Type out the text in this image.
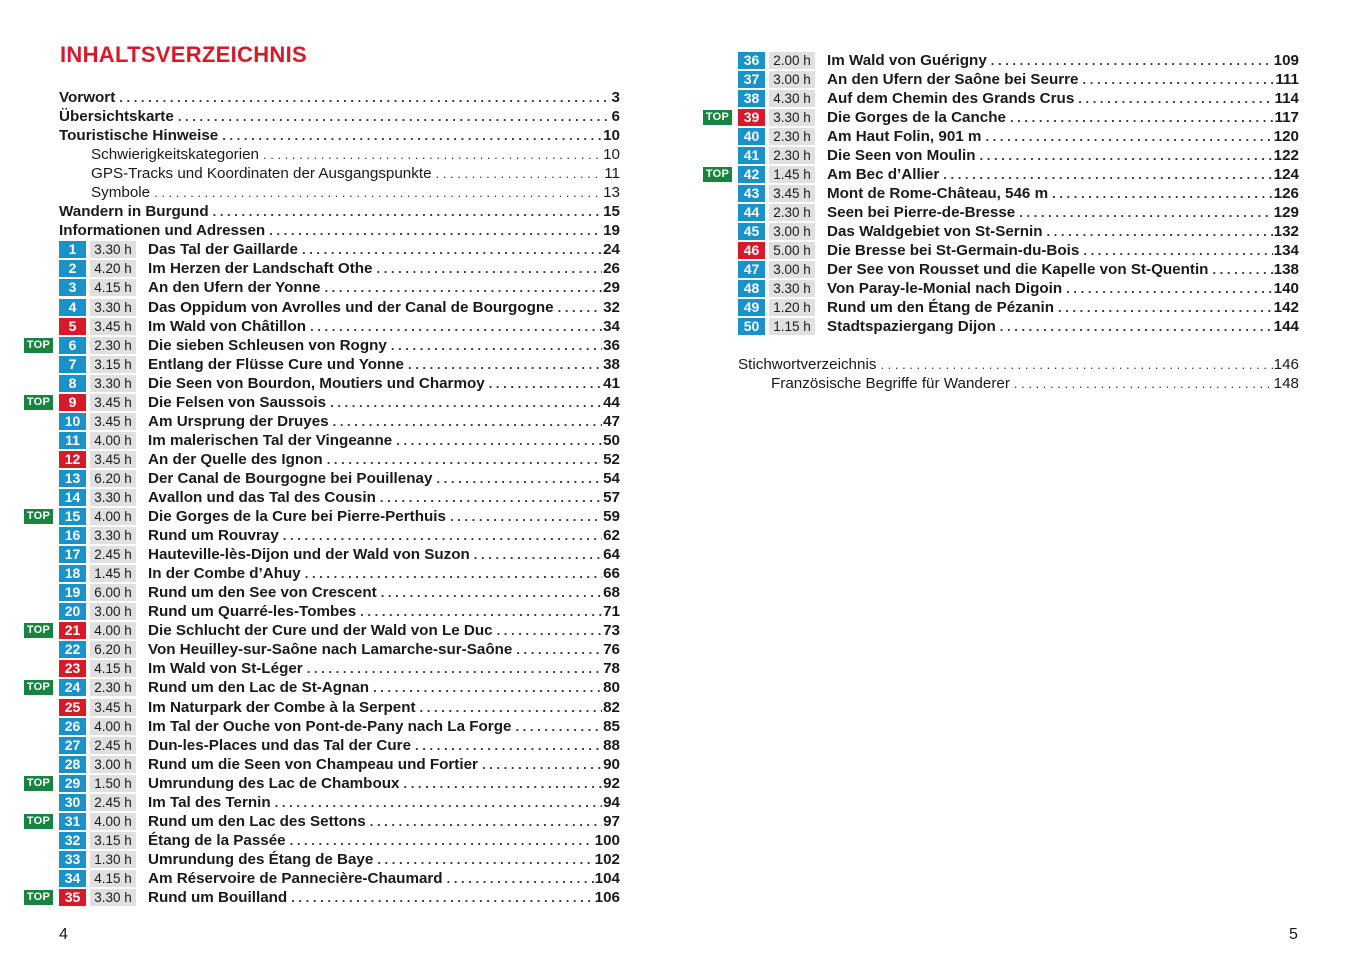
INHALTSVERZEICHNIS
Vorwort . . .	3
Übersichtskarte . . .	6
Touristische Hinweise . . .	10
Schwierigkeitskategorien . . .	10
GPS-Tracks und Koordinaten der Ausgangspunkte . . .	11
Symbole . . .	13
Wandern in Burgund . . .	15
Informationen und Adressen . . .	19
1	3.30 h Das Tal der Gaillarde . . .	24
2	4.20 h Im Herzen der Landschaft Othe . . .	26
3	4.15 h An den Ufern der Yonne . . .	29
4	3.30 h Das Oppidum von Avrolles und der Canal de Bourgogne . . .	32
5	3.45 h Im Wald von Châtillon . . .	34
TOP	6	2.30 h Die sieben Schleusen von Rogny . . .	36
7	3.15 h Entlang der Flüsse Cure und Yonne . . .	38
8	3.30 h Die Seen von Bourdon, Moutiers und Charmoy . . .	41
TOP	9	3.45 h Die Felsen von Saussois . . .	44
10	3.45 h Am Ursprung der Druyes . . .	47
11	4.00 h Im malerischen Tal der Vingeanne . . .	50
12	3.45 h An der Quelle des Ignon . . .	52
13	6.20 h Der Canal de Bourgogne bei Pouillenay . . .	54
14	3.30 h Avallon und das Tal des Cousin . . .	57
TOP	15	4.00 h Die Gorges de la Cure bei Pierre-Perthuis . . .	59
16	3.30 h Rund um Rouvray . . .	62
17	2.45 h Hauteville-lès-Dijon und der Wald von Suzon . . .	64
18	1.45 h In der Combe d’Ahuy . . .	66
19	6.00 h Rund um den See von Crescent . . .	68
20	3.00 h Rund um Quarré-les-Tombes . . .	71
TOP	21	4.00 h Die Schlucht der Cure und der Wald von Le Duc . . .	73
22	6.20 h Von Heuilley-sur-Saône nach Lamarche-sur-Saône . . .	76
23	4.15 h Im Wald von St-Léger . . .	78
TOP	24	2.30 h Rund um den Lac de St-Agnan . . .	80
25	3.45 h Im Naturpark der Combe à la Serpent . . .	82
26	4.00 h Im Tal der Ouche von Pont-de-Pany nach La Forge . . .	85
27	2.45 h Dun-les-Places und das Tal der Cure . . .	88
28	3.00 h Rund um die Seen von Champeau und Fortier . . .	90
TOP	29	1.50 h Umrundung des Lac de Chamboux . . .	92
30	2.45 h Im Tal des Ternin . . .	94
TOP	31	4.00 h Rund um den Lac des Settons . . .	97
32	3.15 h Étang de la Passée . . .	100
33	1.30 h Umrundung des Étang de Baye . . .	102
34	4.15 h Am Réservoire de Pannecière-Chaumard . . .	104
TOP	35	3.30 h Rund um Bouilland . . .	106
4
36	2.00 h Im Wald von Guérigny . . .	109
37	3.00 h An den Ufern der Saône bei Seurre . . .	111
38	4.30 h Auf dem Chemin des Grands Crus . . .	114
TOP	39	3.30 h Die Gorges de la Canche . . .	117
40	2.30 h Am Haut Folin, 901 m . . .	120
41	2.30 h Die Seen von Moulin . . .	122
TOP	42	1.45 h Am Bec d’Allier . . .	124
43	3.45 h Mont de Rome-Château, 546 m . . .	126
44	2.30 h Seen bei Pierre-de-Bresse . . .	129
45	3.00 h Das Waldgebiet von St-Sernin . . .	132
46	5.00 h Die Bresse bei St-Germain-du-Bois . . .	134
47	3.00 h Der See von Rousset und die Kapelle von St-Quentin . . .	138
48	3.30 h Von Paray-le-Monial nach Digoin . . .	140
49	1.20 h Rund um den Étang de Pézanin . . .	142
50	1.15 h Stadtspaziergang Dijon . . .	144
Stichwortverzeichnis . . .	146
Französische Begriffe für Wanderer . . .	148
5
